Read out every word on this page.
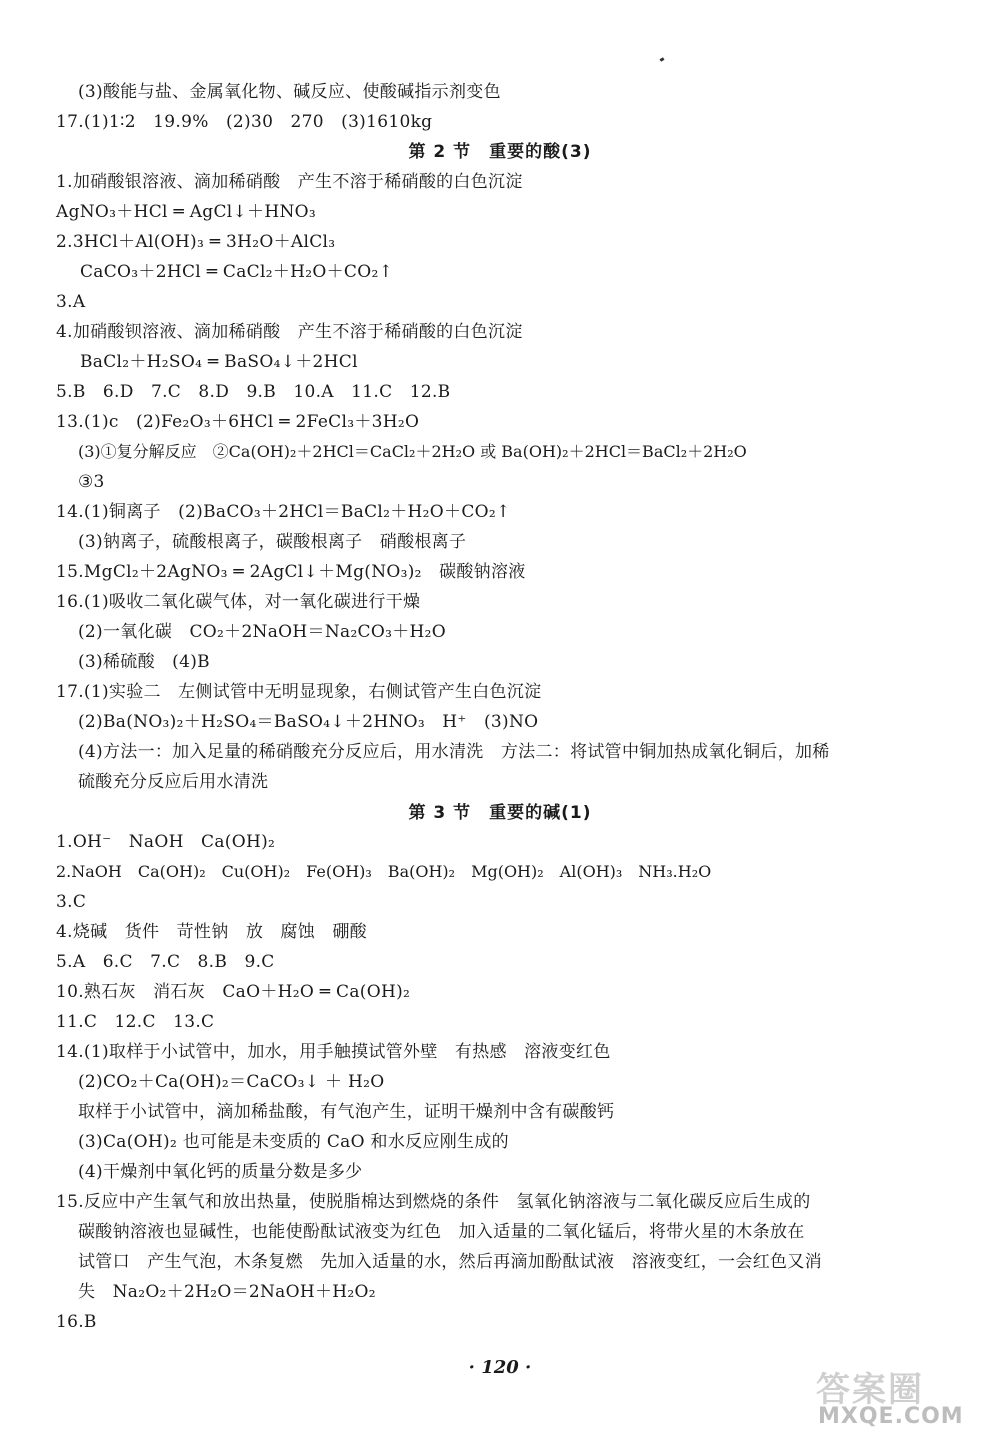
(3)酸能与盐、金属氧化物、碱反应、使酸碱指示剂变色
17.(1)1∶2　19.9%　(2)30　270　(3)1610kg
第 2 节　重要的酸(3)
1.加硝酸银溶液、滴加稀硝酸　产生不溶于稀硝酸的白色沉淀
AgNO₃＋HCl ═ AgCl↓＋HNO₃
2.3HCl＋Al(OH)₃ ═ 3H₂O＋AlCl₃
CaCO₃＋2HCl ═ CaCl₂＋H₂O＋CO₂↑
3.A
4.加硝酸钡溶液、滴加稀硝酸　产生不溶于稀硝酸的白色沉淀
BaCl₂＋H₂SO₄ ═ BaSO₄↓＋2HCl
5.B　6.D　7.C　8.D　9.B　10.A　11.C　12.B
13.(1)c　(2)Fe₂O₃＋6HCl ═ 2FeCl₃＋3H₂O
(3)①复分解反应　②Ca(OH)₂＋2HCl＝CaCl₂＋2H₂O 或 Ba(OH)₂＋2HCl＝BaCl₂＋2H₂O
③3
14.(1)铜离子　(2)BaCO₃＋2HCl＝BaCl₂＋H₂O＋CO₂↑
(3)钠离子，硫酸根离子，碳酸根离子　硝酸根离子
15.MgCl₂＋2AgNO₃ ═ 2AgCl↓＋Mg(NO₃)₂　碳酸钠溶液
16.(1)吸收二氧化碳气体，对一氧化碳进行干燥
(2)一氧化碳　CO₂＋2NaOH＝Na₂CO₃＋H₂O
(3)稀硫酸　(4)B
17.(1)实验二　左侧试管中无明显现象，右侧试管产生白色沉淀
(2)Ba(NO₃)₂＋H₂SO₄＝BaSO₄↓＋2HNO₃　H⁺　(3)NO
(4)方法一：加入足量的稀硝酸充分反应后，用水清洗　方法二：将试管中铜加热成氧化铜后，加稀
硫酸充分反应后用水清洗
第 3 节　重要的碱(1)
1.OH⁻　NaOH　Ca(OH)₂
2.NaOH　Ca(OH)₂　Cu(OH)₂　Fe(OH)₃　Ba(OH)₂　Mg(OH)₂　Al(OH)₃　NH₃.H₂O
3.C
4.烧碱　货件　苛性钠　放　腐蚀　硼酸
5.A　6.C　7.C　8.B　9.C
10.熟石灰　消石灰　CaO＋H₂O ═ Ca(OH)₂
11.C　12.C　13.C
14.(1)取样于小试管中，加水，用手触摸试管外壁　有热感　溶液变红色
(2)CO₂＋Ca(OH)₂＝CaCO₃↓ ＋ H₂O
取样于小试管中，滴加稀盐酸，有气泡产生，证明干燥剂中含有碳酸钙
(3)Ca(OH)₂ 也可能是未变质的 CaO 和水反应刚生成的
(4)干燥剂中氧化钙的质量分数是多少
15.反应中产生氧气和放出热量，使脱脂棉达到燃烧的条件　氢氧化钠溶液与二氧化碳反应后生成的
碳酸钠溶液也显碱性，也能使酚酞试液变为红色　加入适量的二氧化锰后，将带火星的木条放在
试管口　产生气泡，木条复燃　先加入适量的水，然后再滴加酚酞试液　溶液变红，一会红色又消
失　Na₂O₂＋2H₂O＝2NaOH＋H₂O₂
16.B
· 120 ·
答案圈
MXQE.COM
